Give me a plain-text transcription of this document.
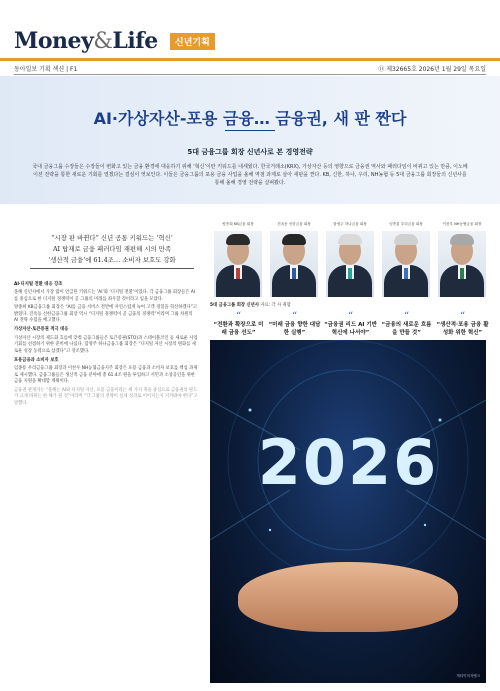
Money&Life	신년기획
동아일보 기획 섹션 | F1	Ⓓ 제32665호 2026년 1월 29일 목요일
AI·가상자산-포용 금융… 금융권, 새 판 짠다
5대 금융그룹 회장 신년사로 본 경영전략
국내 금융그룹 수장들은 수장들이 변화고 있는 금융 환경에 대응하기 위해 ‘혁신’이란 키워드를 내세웠다. 한국거래소(KRX), 가상자산 등의 영향으로 금융권 역사와 패러다임이 바뀌고 있는 만큼, 이노베이션 전략을 통한 새로운 기회를 열겠다는 결심이 엿보인다. 이들은 금융그룹의 포용 금융 사업을 올해 역점 과제로 삼아 새판을 짠다. KB, 신한, 하나, 우리, NH농협 등 5대 금융그룹 회장들의 신년사를 통해 올해 경영 전략을 살펴봤다.
“시장 판 바뀐다” 신년 공통 키워드는 ‘혁신’
AI 탑재로 금융 패러다임 재편해 시의 만족
‘생산적 금융’에 61.4조… 소비자 보호도 강화

AI·디지털 전환 대응 강조

올해 신년사에서 가장 많이 언급된 키워드는 ‘AI’와 ‘디지털 전환’이었다. 각 금융그룹 회장들은 AI를 중심으로 한 디지털 경쟁력이 곧 그룹의 미래를 좌우할 것이라고 입을 모았다.

양종희 KB금융그룹 회장은 “AI를 금융 서비스 전반에 자연스럽게 녹여 고객 경험을 혁신하겠다”고 밝혔다. 진옥동 신한금융그룹 회장 역시 “디지털 경쟁력이 곧 금융의 경쟁력”이라며 그룹 차원의 AI 전략 수립을 예고했다.

가상자산·토큰증권 적극 대응

가상자산 시장의 제도화 흐름에 맞춰 금융그룹들은 토큰증권(STO)과 스테이블코인 등 새로운 사업 기회를 선점하기 위한 준비에 나섰다. 함영주 하나금융그룹 회장은 “디지털 자산 시장의 변화를 새로운 성장 동력으로 삼겠다”고 강조했다.

포용금융과 소비자 보호

임종룡 우리금융그룹 회장과 이찬우 NH농협금융지주 회장은 포용 금융과 소비자 보호를 핵심 과제로 제시했다. 금융그룹들은 생산적 금융 분야에 총 61.4조 원을 투입하고 서민과 소상공인을 위한 금융 지원을 확대할 계획이다.

금융권 관계자는 “올해는 AI와 디지털 자산, 포용 금융이라는 세 가지 축을 중심으로 금융권의 판도가 크게 바뀌는 한 해가 될 것”이라며 “각 그룹의 전략이 실제 성과로 이어지는지 지켜봐야 한다”고 말했다.

양종희 KB금융 회장	진옥동 신한금융 회장	함영주 하나금융 회장	임종룡 우리금융 회장	이찬우 NH농협금융 회장
5대 금융그룹 회장 신년사 자료: 각 사 취합
“
“전환과 확장으로 미래 금융 선도”
“
“미래 금융 향한 대담한 실행”
“
“금융권 리드 AI 기반 혁신에 나서야”
“
“금융의 새로운 흐름을 만들 것”
“
“생산적·포용 금융 활성화 위한 혁신”
2026
게티이미지뱅크
